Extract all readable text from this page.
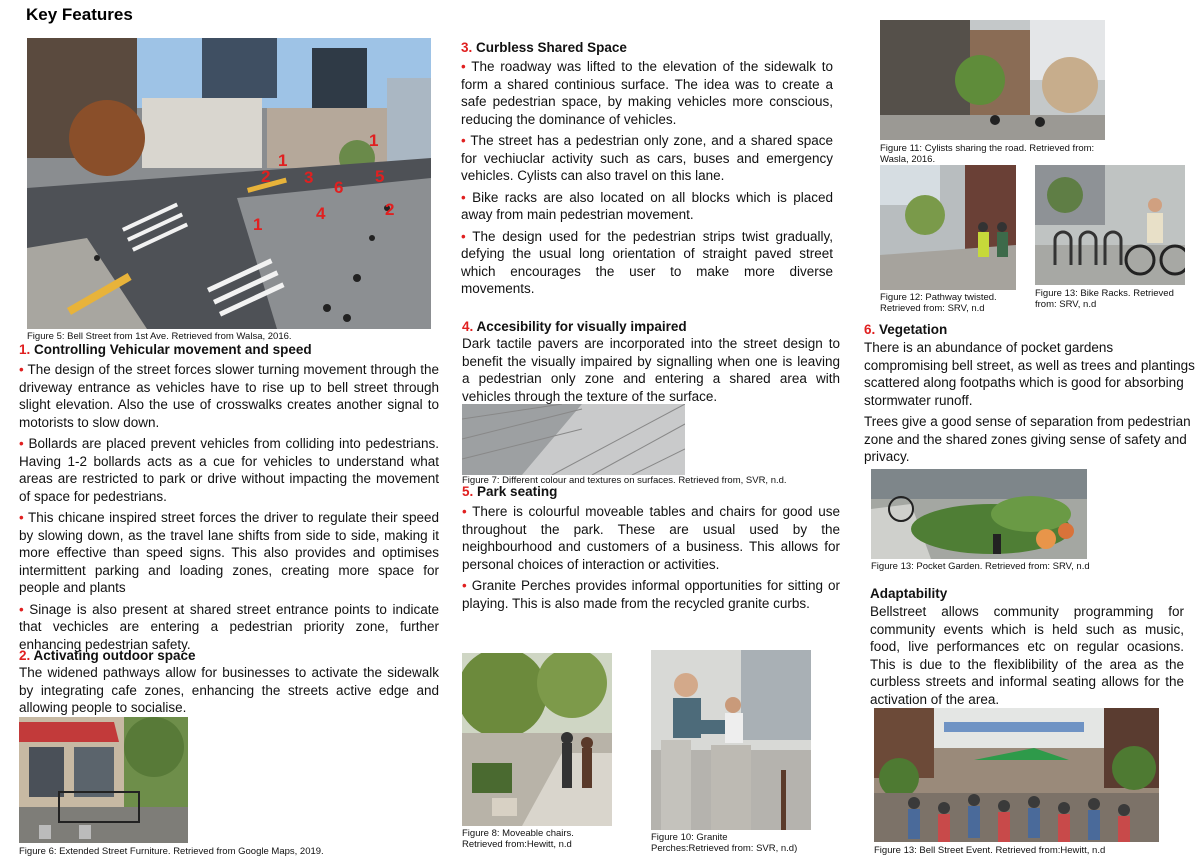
Key Features
1
1
2 3
6
5
2
4
1
Figure 5: Bell Street from 1st Ave. Retrieved from Walsa, 2016.
1. Controlling Vehicular movement and speed

• The design of the street forces slower turning movement through the driveway entrance as vehicles have to rise up to bell street through slight elevation. Also the use of crosswalks creates another signal to motorists to slow down.

• Bollards are placed prevent vehicles from colliding into pedestrians. Having 1-2 bollards acts as a cue for vehicles to understand what areas are restricted to park or drive without impacting the movement of space for pedestrians.

• This chicane inspired street forces the driver to regulate their speed by slowing down, as the travel lane shifts from side to side, making it more effective than speed signs. This also provides and optimises intermittent parking and loading zones, creating more space for people and plants

• Sinage is also present at shared street entrance points to indicate that vechicles are entering a pedestrian priority zone, further enhancing pedestrian safety.

2. Activating outdoor space
The widened pathways allow for businesses to activate the sidewalk by integrating cafe zones, enhancing the streets active edge and allowing people to socialise.
Figure 6: Extended Street Furniture. Retrieved from Google Maps, 2019.
3. Curbless Shared Space

• The roadway was lifted to the elevation of the sidewalk to form a shared continious surface. The idea was to create a safe pedestrian space, by making vehicles more conscious, reducing the dominance of vehicles.

• The street has a pedestrian only zone, and a shared space for vechiuclar activity such as cars, buses and emergency vehicles. Cylists can also travel on this lane.

• Bike racks are also located on all blocks which is placed away from main pedestrian movement.

• The design used for the pedestrian strips twist gradually, defying the usual long orientation of straight paved street which encourages the user to make more diverse movements.

4. Accesibility for visually impaired
Dark tactile pavers are incorporated into the street design to benefit the visually impaired by signalling when one is leaving a pedestrian only zone and entering a shared area with vehicles through the texture of the surface.
Figure 7: Different colour and textures on surfaces. Retrieved from, SVR, n.d.
5. Park seating

• There is colourful moveable tables and chairs for good use throughout the park. These are usual used by the neighbourhood and customers of a business. This allows for personal choices of interaction or activities.

• Granite Perches provides informal opportunities for sitting or playing. This is also made from the recycled granite curbs.

Figure 8: Moveable chairs. Retrieved from:Hewitt, n.d
Figure 10: Granite Perches:Retrieved from: SVR, n.d)
Figure 11: Cylists sharing the road. Retrieved from: Wasla, 2016.
Figure 12: Pathway twisted. Retrieved from: SRV, n.d
Figure 13: Bike Racks. Retrieved from: SRV, n.d
6. Vegetation

There is an abundance of pocket gardens compromising bell street, as well as trees and plantings scattered along footpaths which is good for absorbing stormwater runoff.

Trees give a good sense of separation from pedestrian zone and the shared zones giving sense of safety and privacy.

Figure 13: Pocket Garden. Retrieved from: SRV, n.d
Adaptability
Bellstreet allows community programming for community events which is held such as music, food, live performances etc on regular ocasions. This is due to the flexiblibility of the area as the curbless streets and informal seating allows for the activation of the area.
Figure 13: Bell Street Event. Retrieved from:Hewitt, n.d
